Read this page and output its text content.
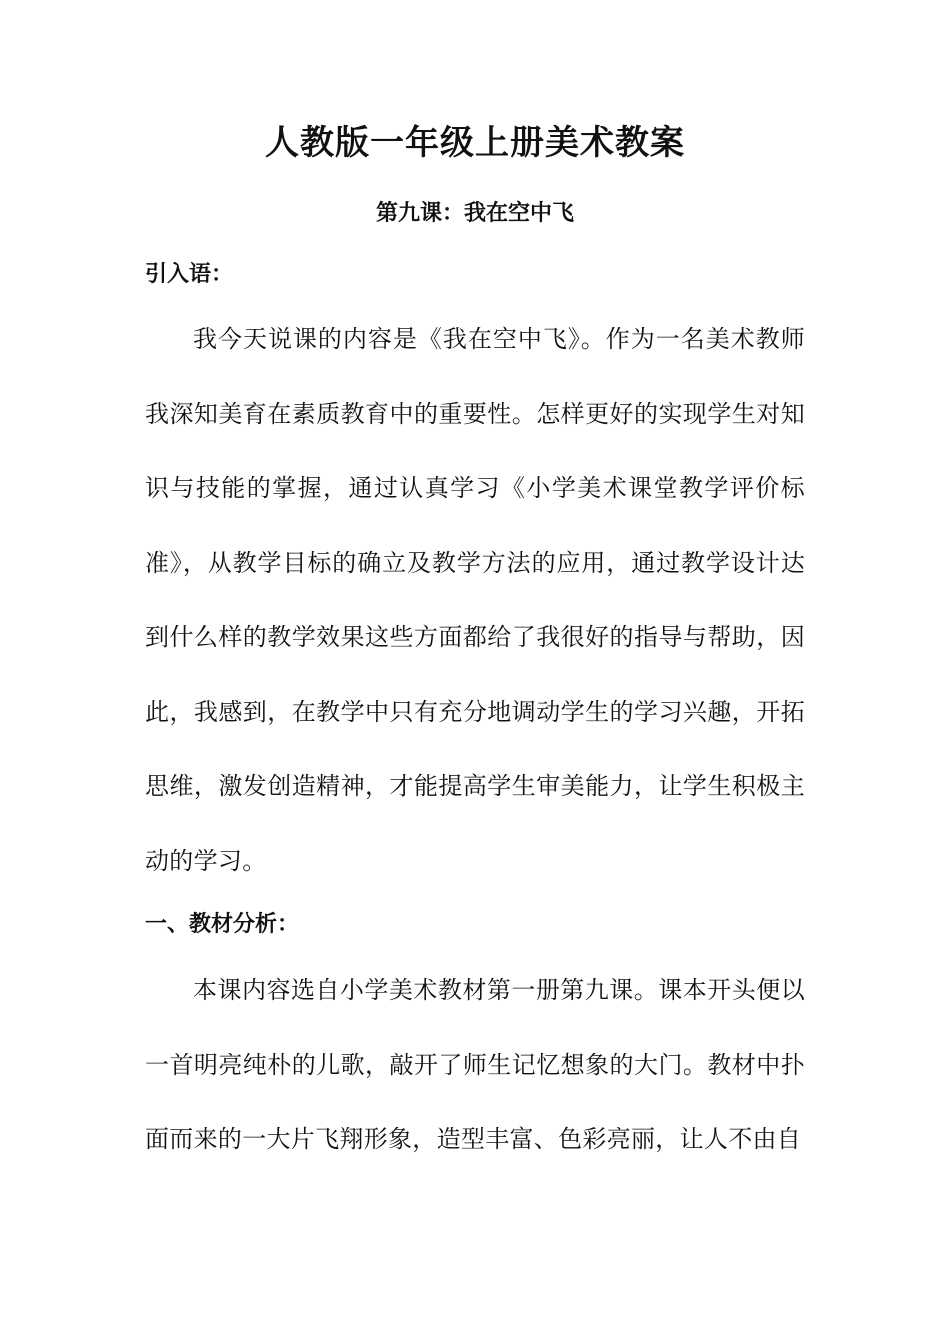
人教版一年级上册美术教案
第九课：我在空中飞
引入语：
我今天说课的内容是《我在空中飞》。作为一名美术教师我深知美育在素质教育中的重要性。怎样更好的实现学生对知识与技能的掌握，通过认真学习《小学美术课堂教学评价标准》，从教学目标的确立及教学方法的应用，通过教学设计达到什么样的教学效果这些方面都给了我很好的指导与帮助，因此，我感到，在教学中只有充分地调动学生的学习兴趣，开拓思维，激发创造精神，才能提高学生审美能力，让学生积极主动的学习。
一、教材分析：
本课内容选自小学美术教材第一册第九课。课本开头便以一首明亮纯朴的儿歌，敲开了师生记忆想象的大门。教材中扑面而来的一大片飞翔形象，造型丰富、色彩亮丽，让人不由自
